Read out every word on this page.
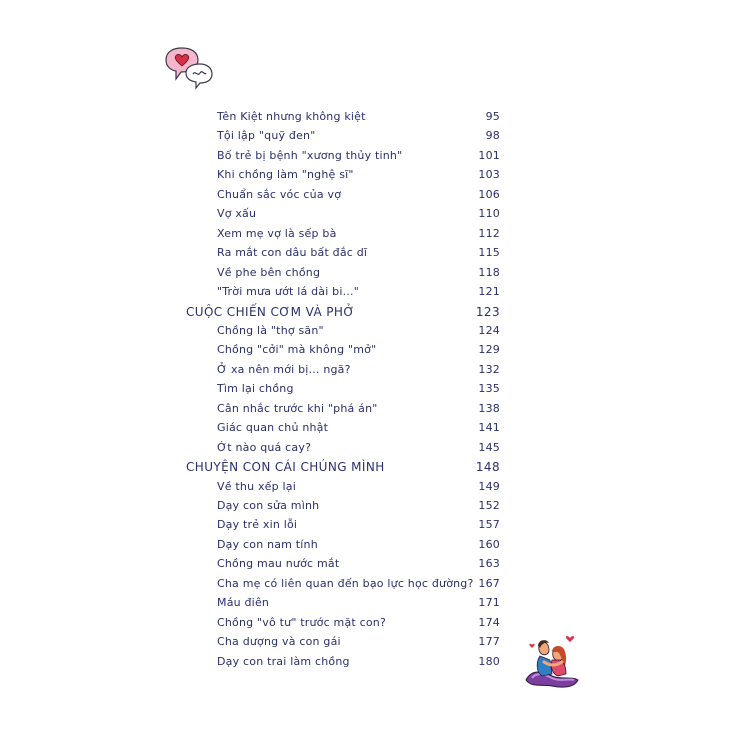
Tên Kiệt nhưng không kiệt	95
Tội lập "quỹ đen"	98
Bố trẻ bị bệnh "xương thủy tinh"	101
Khi chồng làm "nghệ sĩ"	103
Chuẩn sắc vóc của vợ	106
Vợ xấu	110
Xem mẹ vợ là sếp bà	112
Ra mắt con dâu bất đắc dĩ	115
Về phe bên chồng	118
"Trời mưa ướt lá dài bi..."	121
CUỘC CHIẾN CƠM VÀ PHỞ	123
Chồng là "thợ săn"	124
Chồng "cởi" mà không "mở"	129
Ở xa nên mới bị... ngã?	132
Tìm lại chồng	135
Cân nhắc trước khi "phá án"	138
Giác quan chủ nhật	141
Ớt nào quá cay?	145
CHUYỆN CON CÁI CHÚNG MÌNH	148
Về thu xếp lại	149
Dạy con sửa mình	152
Dạy trẻ xin lỗi	157
Dạy con nam tính	160
Chồng mau nước mắt	163
Cha mẹ có liên quan đến bạo lực học đường? 167
Máu điên	171
Chồng "vô tư" trước mặt con?	174
Cha dượng và con gái	177
Dạy con trai làm chồng	180
